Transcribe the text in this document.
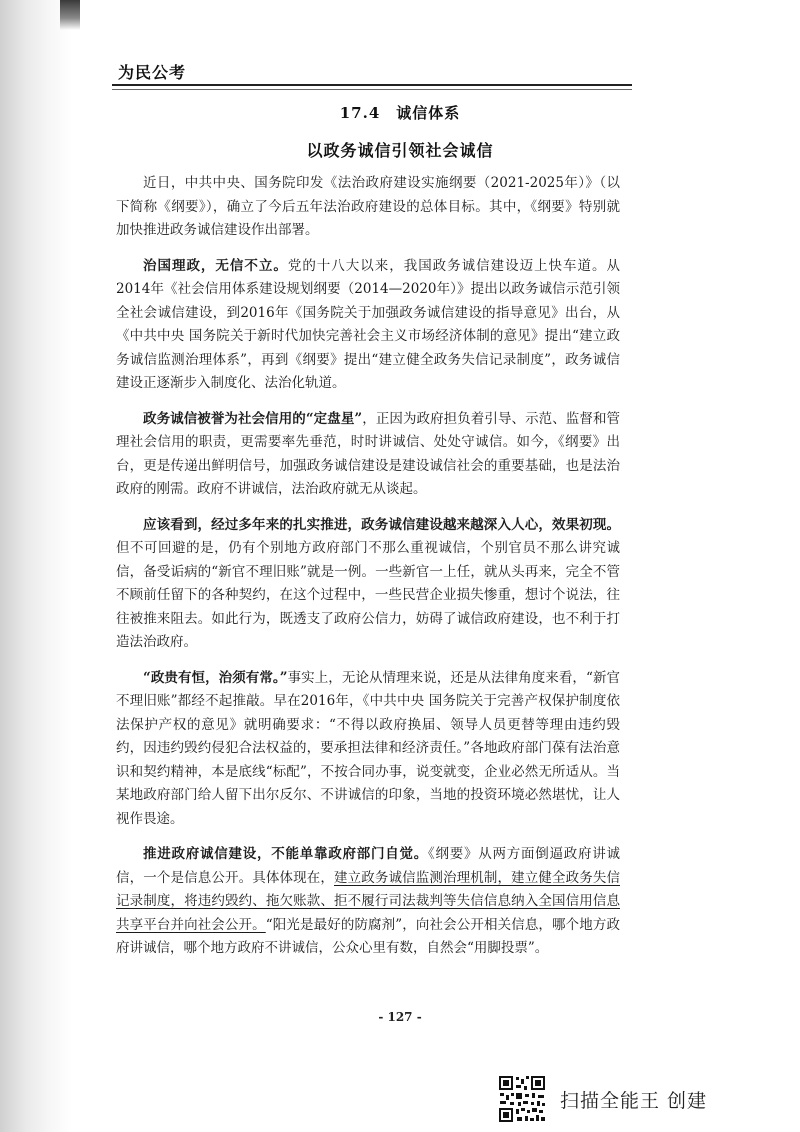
为民公考
17.4　诚信体系
以政务诚信引领社会诚信

近日，中共中央、国务院印发《法治政府建设实施纲要（2021-2025年）》（以下简称《纲要》），确立了今后五年法治政府建设的总体目标。其中，《纲要》特别就加快推进政务诚信建设作出部署。

治国理政，无信不立。党的十八大以来，我国政务诚信建设迈上快车道。从2014年《社会信用体系建设规划纲要（2014—2020年）》提出以政务诚信示范引领全社会诚信建设，到2016年《国务院关于加强政务诚信建设的指导意见》出台，从《中共中央 国务院关于新时代加快完善社会主义市场经济体制的意见》提出“建立政务诚信监测治理体系”，再到《纲要》提出“建立健全政务失信记录制度”，政务诚信建设正逐渐步入制度化、法治化轨道。

政务诚信被誉为社会信用的“定盘星”，正因为政府担负着引导、示范、监督和管理社会信用的职责，更需要率先垂范，时时讲诚信、处处守诚信。如今，《纲要》出台，更是传递出鲜明信号，加强政务诚信建设是建设诚信社会的重要基础，也是法治政府的刚需。政府不讲诚信，法治政府就无从谈起。

应该看到，经过多年来的扎实推进，政务诚信建设越来越深入人心，效果初现。但不可回避的是，仍有个别地方政府部门不那么重视诚信，个别官员不那么讲究诚信，备受诟病的“新官不理旧账”就是一例。一些新官一上任，就从头再来，完全不管不顾前任留下的各种契约，在这个过程中，一些民营企业损失惨重，想讨个说法，往往被推来阻去。如此行为，既透支了政府公信力，妨碍了诚信政府建设，也不利于打造法治政府。

“政贵有恒，治须有常。”事实上，无论从情理来说，还是从法律角度来看，“新官不理旧账”都经不起推敲。早在2016年，《中共中央 国务院关于完善产权保护制度依法保护产权的意见》就明确要求：“不得以政府换届、领导人员更替等理由违约毁约，因违约毁约侵犯合法权益的，要承担法律和经济责任。”各地政府部门葆有法治意识和契约精神，本是底线“标配”，不按合同办事，说变就变，企业必然无所适从。当某地政府部门给人留下出尔反尔、不讲诚信的印象，当地的投资环境必然堪忧，让人视作畏途。

推进政府诚信建设，不能单靠政府部门自觉。《纲要》从两方面倒逼政府讲诚信，一个是信息公开。具体体现在，建立政务诚信监测治理机制，建立健全政务失信记录制度，将违约毁约、拖欠账款、拒不履行司法裁判等失信信息纳入全国信用信息共享平台并向社会公开。“阳光是最好的防腐剂”，向社会公开相关信息，哪个地方政府讲诚信，哪个地方政府不讲诚信，公众心里有数，自然会“用脚投票”。

- 127 -
扫描全能王 创建
